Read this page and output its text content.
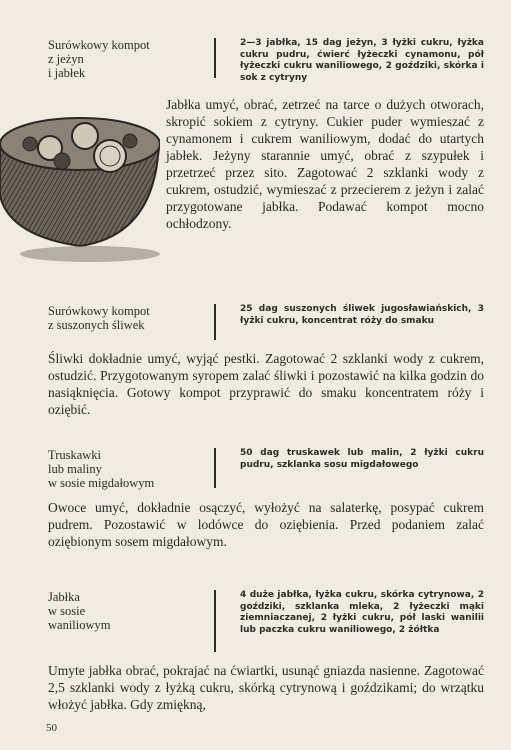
Surówkowy kompot
z jeżyn
i jabłek
2—3 jabłka, 15 dag jeżyn, 3 łyżki cukru, łyżka cukru pudru, ćwierć łyżeczki cynamonu, pół łyżeczki cukru waniliowego, 2 goździki, skórka i sok z cytryny
Jabłka umyć, obrać, zetrzeć na tarce o dużych otworach, skropić sokiem z cytryny. Cukier puder wymieszać z cynamonem i cukrem waniliowym, dodać do utartych jabłek. Jeżyny starannie umyć, obrać z szypułek i przetrzeć przez sito. Zagotować 2 szklanki wody z cukrem, ostudzić, wymieszać z przecierem z jeżyn i zalać przygotowane jabłka. Podawać kompot mocno ochłodzony.
Surówkowy kompot
z suszonych śliwek
25 dag suszonych śliwek jugosławiańskich, 3 łyżki cukru, koncentrat róży do smaku
Śliwki dokładnie umyć, wyjąć pestki. Zagotować 2 szklanki wody z cukrem, ostudzić. Przygotowanym syropem zalać śliwki i pozostawić na kilka godzin do nasiąknięcia. Gotowy kompot przyprawić do smaku koncentratem róży i oziębić.
Truskawki
lub maliny
w sosie migdałowym
50 dag truskawek lub malin, 2 łyżki cukru pudru, szklanka sosu migdałowego
Owoce umyć, dokładnie osączyć, wyłożyć na salaterkę, posypać cukrem pudrem. Pozostawić w lodówce do oziębienia. Przed podaniem zalać oziębionym sosem migdałowym.
Jabłka
w sosie
waniliowym
4 duże jabłka, łyżka cukru, skórka cytrynowa, 2 goździki, szklanka mleka, 2 łyżeczki mąki ziemniaczanej, 2 łyżki cukru, pół laski wanilii lub paczka cukru waniliowego, 2 żółtka
Umyte jabłka obrać, pokrajać na ćwiartki, usunąć gniazda nasienne. Zagotować 2,5 szklanki wody z łyżką cukru, skórką cytrynową i goździkami; do wrzątku włożyć jabłka. Gdy zmiękną,
50
